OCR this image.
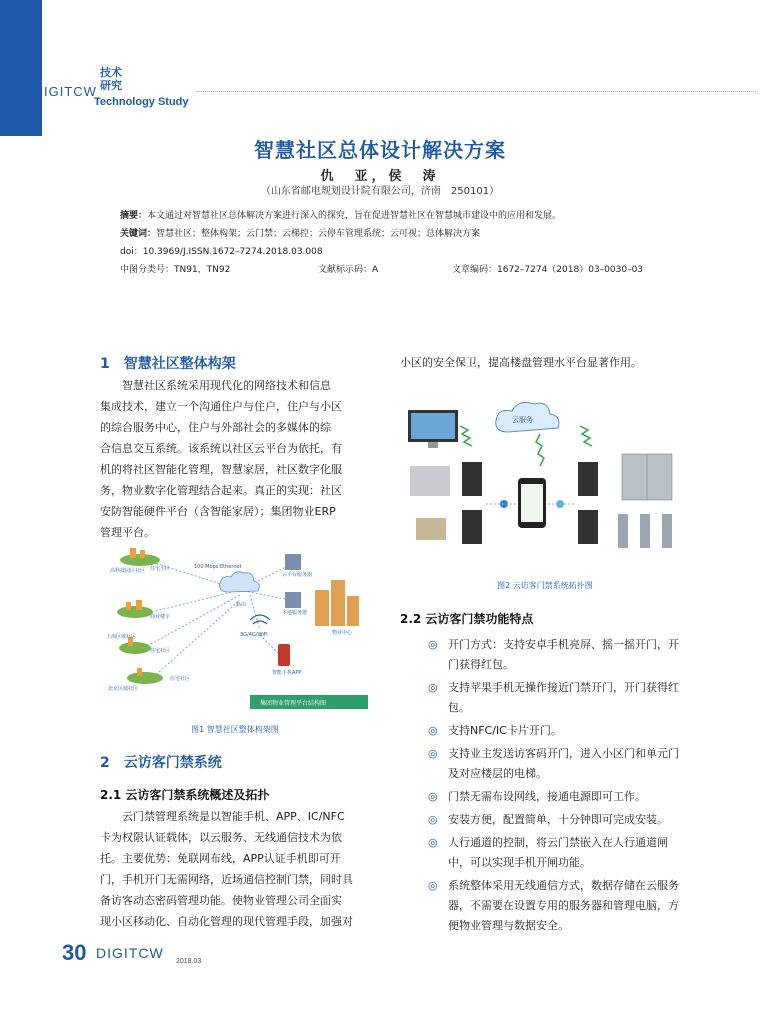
D IGITCW
技术
研究
Technology Study
智慧社区总体设计解决方案
仇　亚，侯　涛
（山东省邮电规划设计院有限公司，济南　250101）
摘要：本文通过对智慧社区总体解决方案进行深入的探究，旨在促进智慧社区在智慧城市建设中的应用和发展。
关键词：智慧社区；整体构架；云门禁；云梯控；云停车管理系统；云可视；总体解决方案
doi：10.3969/J.ISSN.1672–7274.2018.03.008
中图分类号：TN91，TN92	文献标示码：A	文章编码：1672–7274（2018）03–0030–03
1　智慧社区整体构架
　　智慧社区系统采用现代化的网络技术和信息
集成技术，建立一个沟通住户与住户，住户与小区
的综合服务中心，住户与外部社会的多媒体的综
合信息交互系统。该系统以社区云平台为依托，有
机的将社区智能化管理，智慧家居，社区数字化服
务，物业数字化管理结合起来。真正的实现：社区
安防智能硬件平台（含智能家居）；集团物业ERP
管理平台。
100 Mbps Ethernet
路由
3G/4G/WiFi
云平台服务器
本地服务器
物业中心
集团物业管理平台结构图
高科技园区社区 住宅小区
商业楼宇
上海区域社区
住宅社区
北京区域社区
住宅社区
智能手机APP
图1 智慧社区整体构架图
2　云访客门禁系统
2.1 云访客门禁系统概述及拓扑
　　云门禁管理系统是以智能手机、APP、IC/NFC
卡为权限认证载体，以云服务、无线通信技术为依
托。主要优势：免联网布线，APP认证手机即可开
门，手机开门无需网络，近场通信控制门禁，同时具
备访客动态密码管理功能。使物业管理公司全面实
现小区移动化、自动化管理的现代管理手段，加强对
小区的安全保卫，提高楼盘管理水平台显著作用。
云服务
图2 云访客门禁系统拓扑图
2.2 云访客门禁功能特点
◎ 开门方式：支持安卓手机亮屏、摇一摇开门，开门获得红包。
◎ 支持苹果手机无操作接近门禁开门，开门获得红包。
◎ 支持NFC/IC卡片开门。
◎ 支持业主发送访客码开门，进入小区门和单元门及对应楼层的电梯。
◎ 门禁无需布设网线，接通电源即可工作。
◎ 安装方便，配置简单，十分钟即可完成安装。
◎ 人行通道的控制，将云门禁嵌入在人行通道闸中，可以实现手机开闸功能。
◎ 系统整体采用无线通信方式，数据存储在云服务器，不需要在设置专用的服务器和管理电脑，方便物业管理与数据安全。
30 DIGITCW
2018.03
